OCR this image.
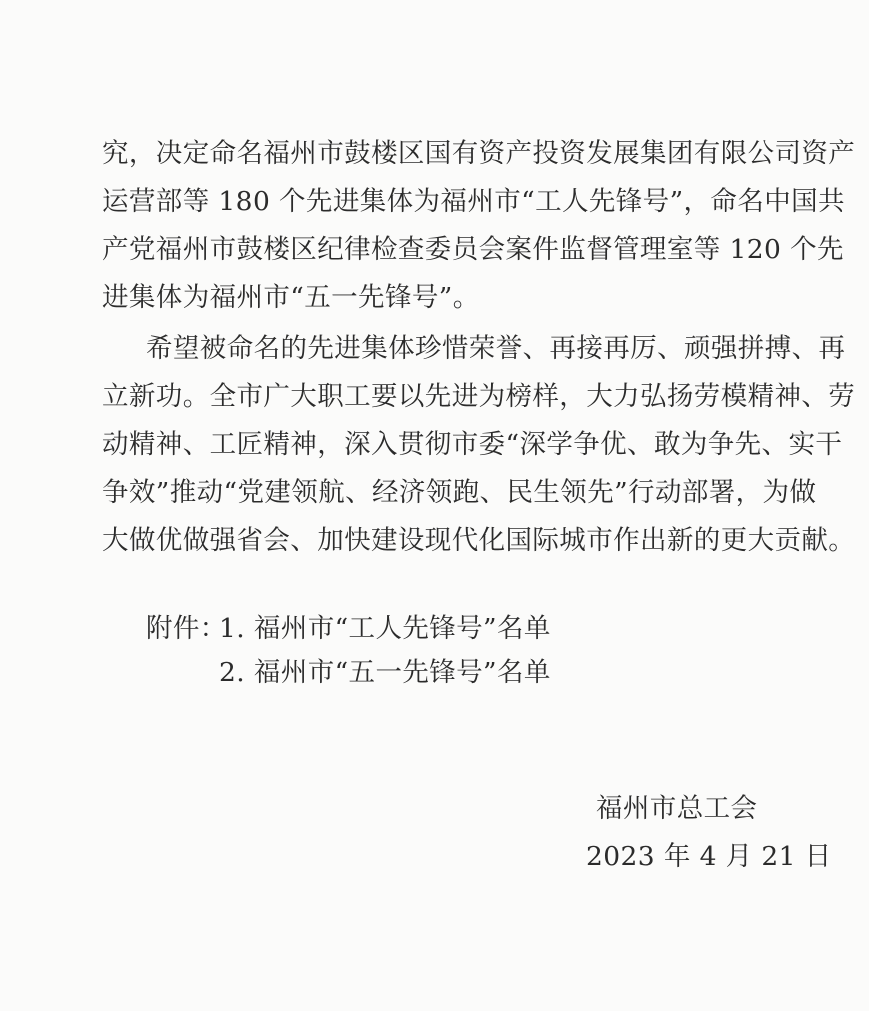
究，决定命名福州市鼓楼区国有资产投资发展集团有限公司资产

运营部等 180 个先进集体为福州市“工人先锋号”，命名中国共

产党福州市鼓楼区纪律检查委员会案件监督管理室等 120 个先

进集体为福州市“五一先锋号”。

希望被命名的先进集体珍惜荣誉、再接再厉、顽强拼搏、再

立新功。全市广大职工要以先进为榜样，大力弘扬劳模精神、劳

动精神、工匠精神，深入贯彻市委“深学争优、敢为争先、实干

争效”推动“党建领航、经济领跑、民生领先”行动部署，为做

大做优做强省会、加快建设现代化国际城市作出新的更大贡献。

附件：

1. 福州市“工人先锋号”名单

2. 福州市“五一先锋号”名单

福州市总工会

2023 年 4 月 21 日
